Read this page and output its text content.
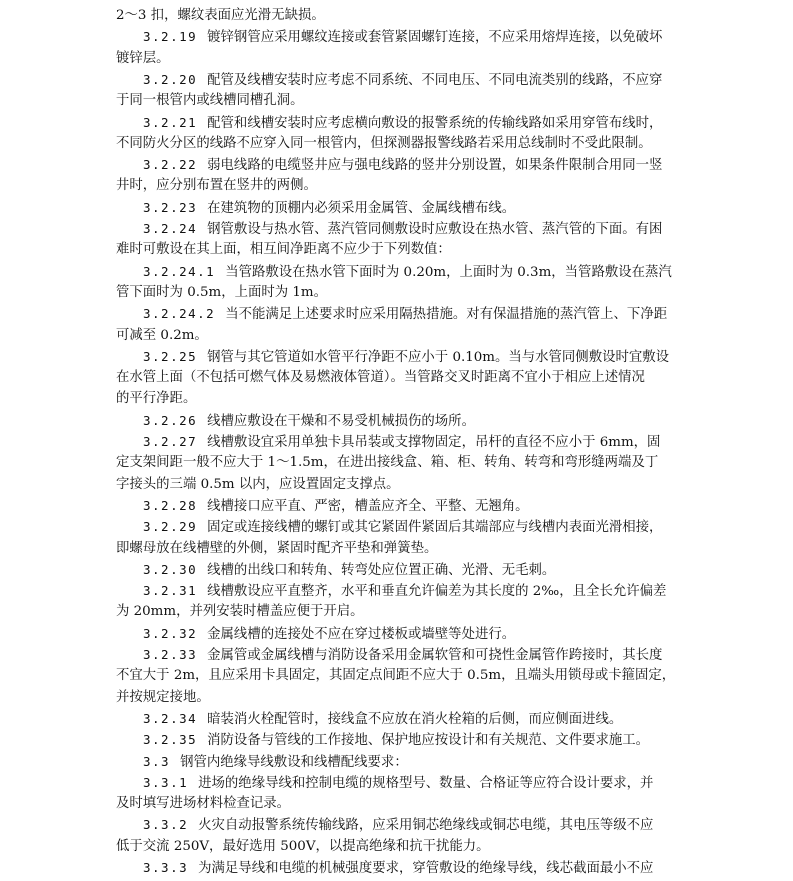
2～3 扣，螺纹表面应光滑无缺损。
3.2.19 镀锌钢管应采用螺纹连接或套管紧固螺钉连接，不应采用熔焊连接，以免破坏
镀锌层。
3.2.20 配管及线槽安装时应考虑不同系统、不同电压、不同电流类别的线路，不应穿
于同一根管内或线槽同槽孔洞。
3.2.21 配管和线槽安装时应考虑横向敷设的报警系统的传输线路如采用穿管布线时，
不同防火分区的线路不应穿入同一根管内，但探测器报警线路若采用总线制时不受此限制。
3.2.22 弱电线路的电缆竖井应与强电线路的竖井分别设置，如果条件限制合用同一竖
井时，应分别布置在竖井的两侧。
3.2.23 在建筑物的顶棚内必须采用金属管、金属线槽布线。
3.2.24 钢管敷设与热水管、蒸汽管同侧敷设时应敷设在热水管、蒸汽管的下面。有困
难时可敷设在其上面，相互间净距离不应少于下列数值：
3.2.24.1 当管路敷设在热水管下面时为 0.20m，上面时为 0.3m，当管路敷设在蒸汽
管下面时为 0.5m，上面时为 1m。
3.2.24.2 当不能满足上述要求时应采用隔热措施。对有保温措施的蒸汽管上、下净距
可减至 0.2m。
3.2.25 钢管与其它管道如水管平行净距不应小于 0.10m。当与水管同侧敷设时宜敷设
在水管上面（不包括可燃气体及易燃液体管道）。当管路交叉时距离不宜小于相应上述情况
的平行净距。
3.2.26 线槽应敷设在干燥和不易受机械损伤的场所。
3.2.27 线槽敷设宜采用单独卡具吊装或支撑物固定，吊杆的直径不应小于 6mm，固
定支架间距一般不应大于 1～1.5m，在进出接线盒、箱、柜、转角、转弯和弯形缝两端及丁
字接头的三端 0.5m 以内，应设置固定支撑点。
3.2.28 线槽接口应平直、严密，槽盖应齐全、平整、无翘角。
3.2.29 固定或连接线槽的螺钉或其它紧固件紧固后其端部应与线槽内表面光滑相接，
即螺母放在线槽壁的外侧，紧固时配齐平垫和弹簧垫。
3.2.30 线槽的出线口和转角、转弯处应位置正确、光滑、无毛刺。
3.2.31 线槽敷设应平直整齐，水平和垂直允许偏差为其长度的 2‰，且全长允许偏差
为 20mm，并列安装时槽盖应便于开启。
3.2.32 金属线槽的连接处不应在穿过楼板或墙壁等处进行。
3.2.33 金属管或金属线槽与消防设备采用金属软管和可挠性金属管作跨接时，其长度
不宜大于 2m，且应采用卡具固定，其固定点间距不应大于 0.5m，且端头用锁母或卡箍固定，
并按规定接地。
3.2.34 暗装消火栓配管时，接线盒不应放在消火栓箱的后侧，而应侧面进线。
3.2.35 消防设备与管线的工作接地、保护地应按设计和有关规范、文件要求施工。
3.3 钢管内绝缘导线敷设和线槽配线要求：
3.3.1 进场的绝缘导线和控制电缆的规格型号、数量、合格证等应符合设计要求，并
及时填写进场材料检查记录。
3.3.2 火灾自动报警系统传输线路，应采用铜芯绝缘线或铜芯电缆，其电压等级不应
低于交流 250V，最好选用 500V，以提高绝缘和抗干扰能力。
3.3.3 为满足导线和电缆的机械强度要求，穿管敷设的绝缘导线，线芯截面最小不应
